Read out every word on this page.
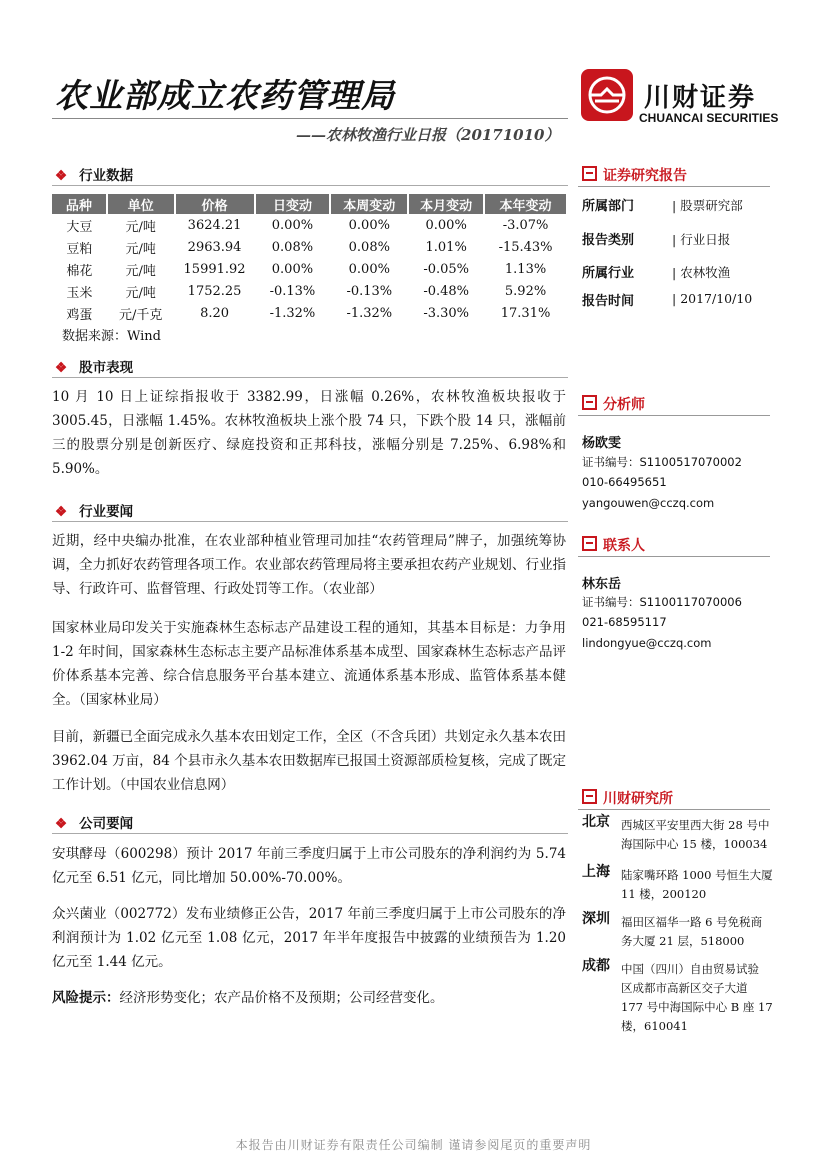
农业部成立农药管理局	川财证券
CHUANCAI SECURITIES
——农林牧渔行业日报（20171010）
❖ 行业数据
品种	单位	价格	日变动	本周变动	本月变动	本年变动
大豆	元/吨	3624.21	0.00%	0.00%	0.00%	-3.07%
豆粕	元/吨	2963.94	0.08%	0.08%	1.01%	-15.43%
棉花	元/吨	15991.92	0.00%	0.00%	-0.05%	1.13%
玉米	元/吨	1752.25	-0.13%	-0.13%	-0.48%	5.92%
鸡蛋	元/千克	8.20	-1.32%	-1.32%	-3.30%	17.31%
数据来源：Wind
❖ 股市表现
10 月 10 日上证综指报收于 3382.99，日涨幅 0.26%，农林牧渔板块报收于 3005.45，日涨幅 1.45%。农林牧渔板块上涨个股 74 只，下跌个股 14 只，涨幅前三的股票分别是创新医疗、绿庭投资和正邦科技，涨幅分别是 7.25%、6.98%和 5.90%。
❖ 行业要闻
近期，经中央编办批准，在农业部种植业管理司加挂“农药管理局”牌子，加强统筹协调，全力抓好农药管理各项工作。农业部农药管理局将主要承担农药产业规划、行业指导、行政许可、监督管理、行政处罚等工作。（农业部）
国家林业局印发关于实施森林生态标志产品建设工程的通知，其基本目标是：力争用 1-2 年时间，国家森林生态标志主要产品标准体系基本成型、国家森林生态标志产品评价体系基本完善、综合信息服务平台基本建立、流通体系基本形成、监管体系基本健全。（国家林业局）
目前，新疆已全面完成永久基本农田划定工作，全区（不含兵团）共划定永久基本农田 3962.04 万亩，84 个县市永久基本农田数据库已报国土资源部质检复核，完成了既定工作计划。（中国农业信息网）
❖ 公司要闻
安琪酵母（600298）预计 2017 年前三季度归属于上市公司股东的净利润约为 5.74 亿元至 6.51 亿元，同比增加 50.00%-70.00%。
众兴菌业（002772）发布业绩修正公告，2017 年前三季度归属于上市公司股东的净利润预计为 1.02 亿元至 1.08 亿元，2017 年半年度报告中披露的业绩预告为 1.20 亿元至 1.44 亿元。
风险提示：经济形势变化；农产品价格不及预期；公司经营变化。
证券研究报告
所属部门	| 股票研究部
报告类别	| 行业日报
所属行业	| 农林牧渔
报告时间	| 2017/10/10
分析师
杨欧雯
证书编号：S1100517070002
010-66495651
yangouwen@cczq.com
联系人
林东岳
证书编号：S1100117070006
021-68595117
lindongyue@cczq.com
川财研究所
北京 西城区平安里西大街 28 号中
海国际中心 15 楼，100034
上海 陆家嘴环路 1000 号恒生大厦
11 楼，200120
深圳 福田区福华一路 6 号免税商
务大厦 21 层，518000
成都 中国（四川）自由贸易试验
区成都市高新区交子大道
177 号中海国际中心 B 座 17
楼，610041
本报告由川财证券有限责任公司编制 谨请参阅尾页的重要声明
